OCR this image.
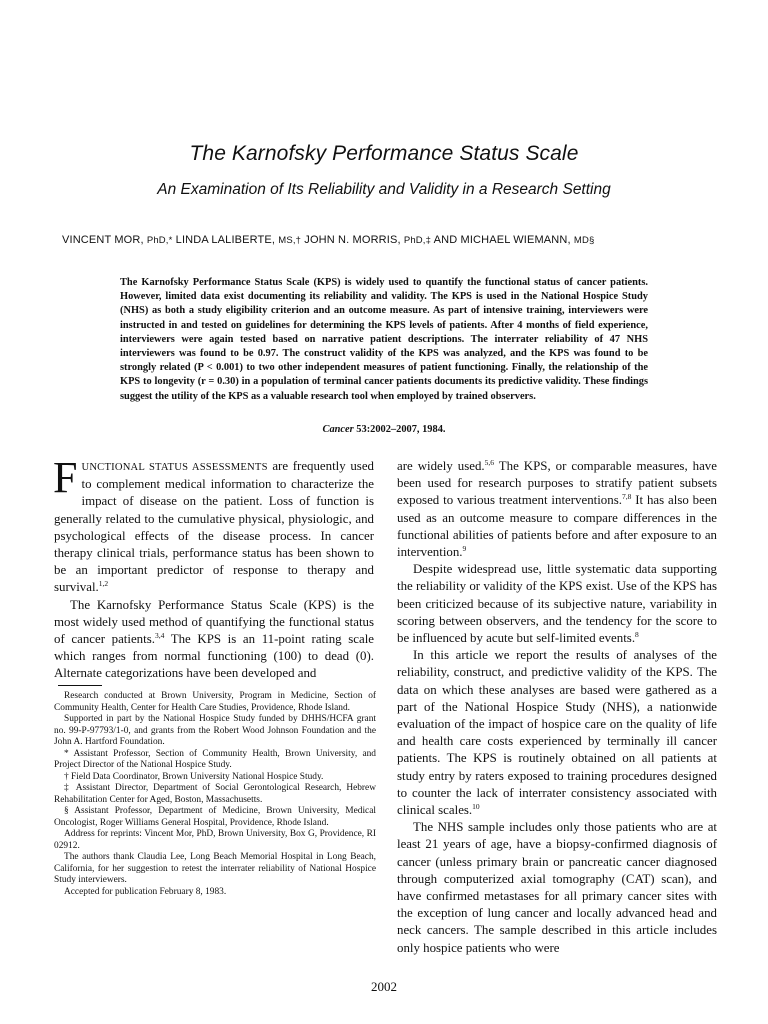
The Karnofsky Performance Status Scale
An Examination of Its Reliability and Validity in a Research Setting
VINCENT MOR, PhD,* LINDA LALIBERTE, MS,† JOHN N. MORRIS, PhD,‡ AND MICHAEL WIEMANN, MD§
The Karnofsky Performance Status Scale (KPS) is widely used to quantify the functional status of cancer patients. However, limited data exist documenting its reliability and validity. The KPS is used in the National Hospice Study (NHS) as both a study eligibility criterion and an outcome measure. As part of intensive training, interviewers were instructed in and tested on guidelines for determining the KPS levels of patients. After 4 months of field experience, interviewers were again tested based on narrative patient descriptions. The interrater reliability of 47 NHS interviewers was found to be 0.97. The construct validity of the KPS was analyzed, and the KPS was found to be strongly related (P < 0.001) to two other independent measures of patient functioning. Finally, the relationship of the KPS to longevity (r = 0.30) in a population of terminal cancer patients documents its predictive validity. These findings suggest the utility of the KPS as a valuable research tool when employed by trained observers.
Cancer 53:2002–2007, 1984.

FUNCTIONAL STATUS ASSESSMENTS are frequently used to complement medical information to characterize the impact of disease on the patient. Loss of function is generally related to the cumulative physical, physiologic, and psychological effects of the disease process. In cancer therapy clinical trials, performance status has been shown to be an important predictor of response to therapy and survival.$^{1,2}$

The Karnofsky Performance Status Scale (KPS) is the most widely used method of quantifying the functional status of cancer patients.$^{3,4}$ The KPS is an 11-point rating scale which ranges from normal functioning (100) to dead (0). Alternate categorizations have been developed and

Research conducted at Brown University, Program in Medicine, Section of Community Health, Center for Health Care Studies, Providence, Rhode Island.
Supported in part by the National Hospice Study funded by DHHS/HCFA grant no. 99-P-97793/1-0, and grants from the Robert Wood Johnson Foundation and the John A. Hartford Foundation.
* Assistant Professor, Section of Community Health, Brown University, and Project Director of the National Hospice Study.
† Field Data Coordinator, Brown University National Hospice Study.
‡ Assistant Director, Department of Social Gerontological Research, Hebrew Rehabilitation Center for Aged, Boston, Massachusetts.
§ Assistant Professor, Department of Medicine, Brown University, Medical Oncologist, Roger Williams General Hospital, Providence, Rhode Island.
Address for reprints: Vincent Mor, PhD, Brown University, Box G, Providence, RI 02912.
The authors thank Claudia Lee, Long Beach Memorial Hospital in Long Beach, California, for her suggestion to retest the interrater reliability of National Hospice Study interviewers.
Accepted for publication February 8, 1983.

are widely used.$^{5,6}$ The KPS, or comparable measures, have been used for research purposes to stratify patient subsets exposed to various treatment interventions.$^{7,8}$ It has also been used as an outcome measure to compare differences in the functional abilities of patients before and after exposure to an intervention.$^9$

Despite widespread use, little systematic data supporting the reliability or validity of the KPS exist. Use of the KPS has been criticized because of its subjective nature, variability in scoring between observers, and the tendency for the score to be influenced by acute but self-limited events.$^8$

In this article we report the results of analyses of the reliability, construct, and predictive validity of the KPS. The data on which these analyses are based were gathered as a part of the National Hospice Study (NHS), a nationwide evaluation of the impact of hospice care on the quality of life and health care costs experienced by terminally ill cancer patients. The KPS is routinely obtained on all patients at study entry by raters exposed to training procedures designed to counter the lack of interrater consistency associated with clinical scales.$^{10}$

The NHS sample includes only those patients who are at least 21 years of age, have a biopsy-confirmed diagnosis of cancer (unless primary brain or pancreatic cancer diagnosed through computerized axial tomography (CAT) scan), and have confirmed metastases for all primary cancer sites with the exception of lung cancer and locally advanced head and neck cancers. The sample described in this article includes only hospice patients who were

2002
